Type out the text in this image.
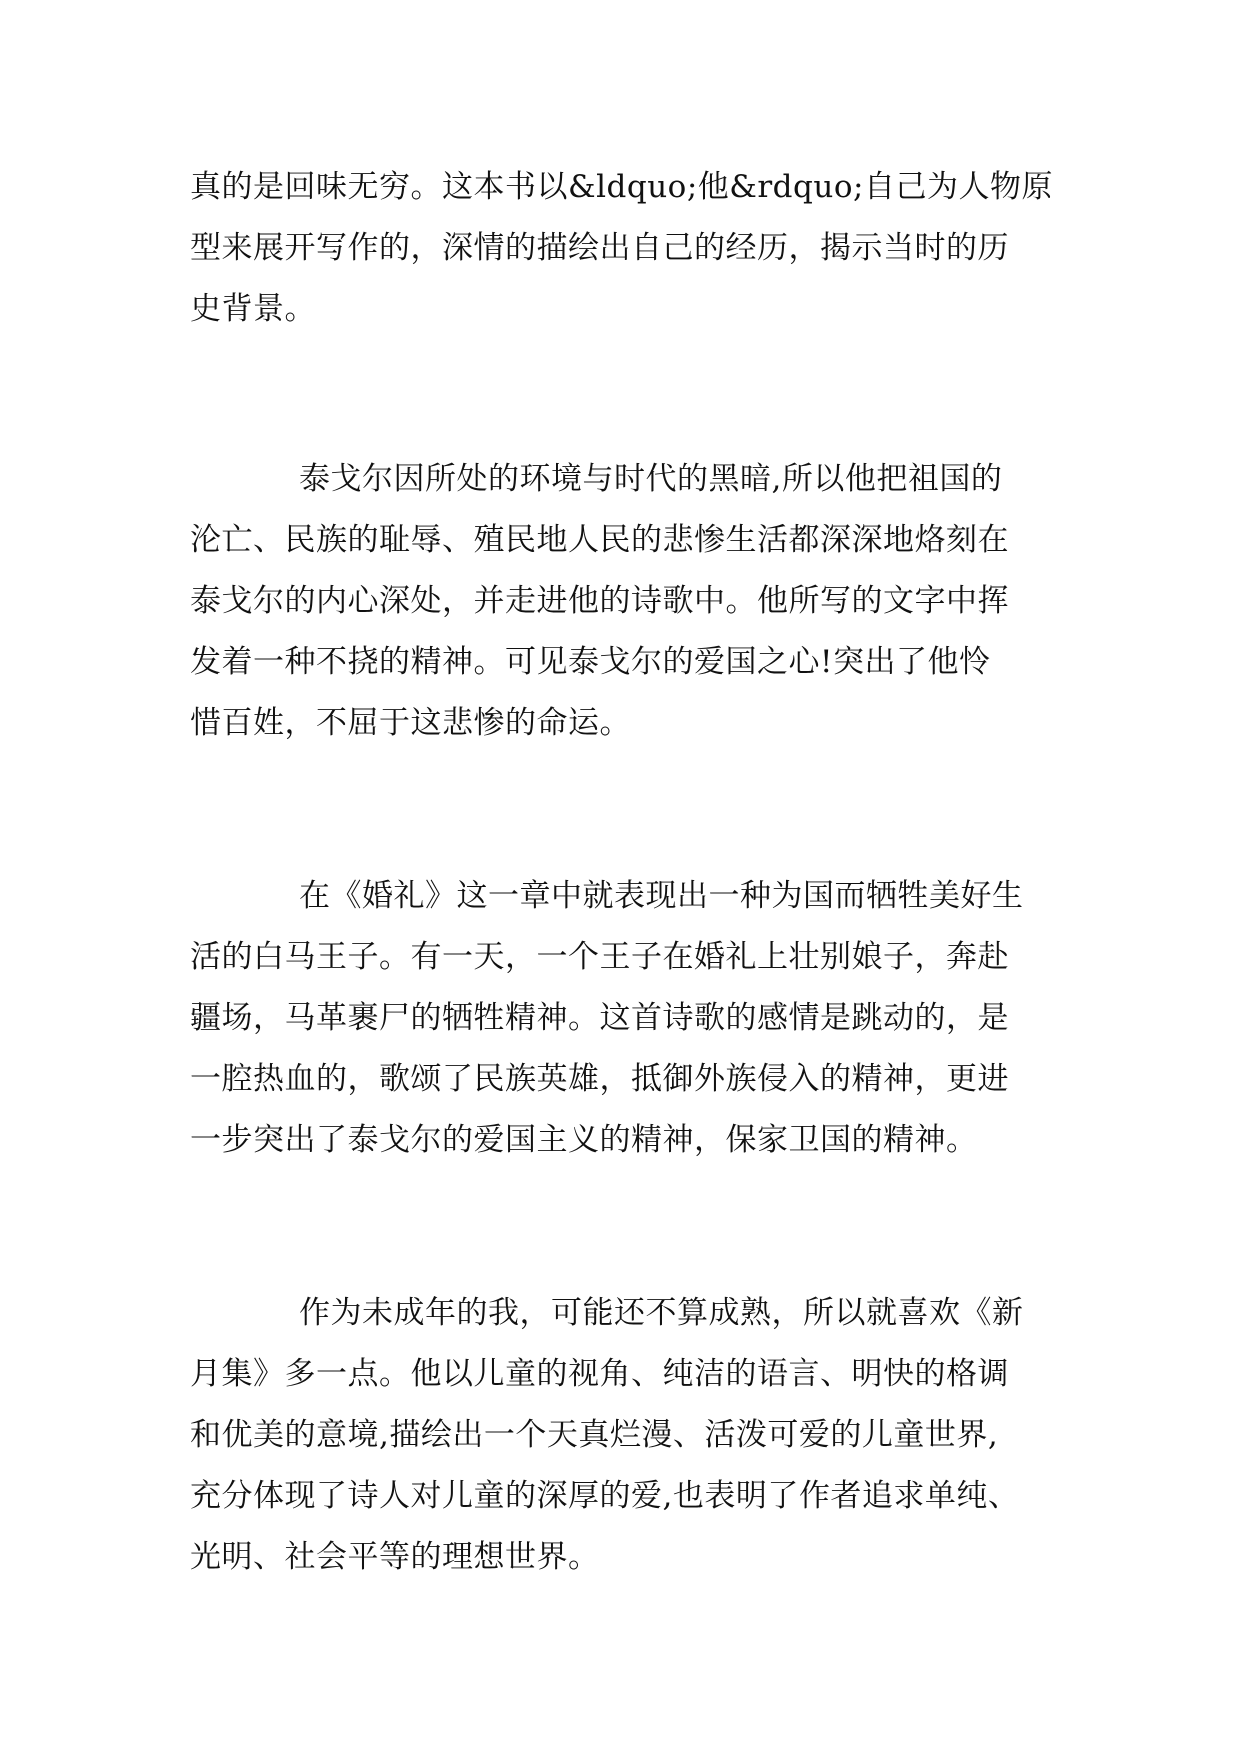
真的是回味无穷。这本书以&ldquo;他&rdquo;自己为人物原
型来展开写作的，深情的描绘出自己的经历，揭示当时的历
史背景。
泰戈尔因所处的环境与时代的黑暗,所以他把祖国的
沦亡、民族的耻辱、殖民地人民的悲惨生活都深深地烙刻在
泰戈尔的内心深处，并走进他的诗歌中。他所写的文字中挥
发着一种不挠的精神。可见泰戈尔的爱国之心!突出了他怜
惜百姓，不屈于这悲惨的命运。
在《婚礼》这一章中就表现出一种为国而牺牲美好生
活的白马王子。有一天，一个王子在婚礼上壮别娘子，奔赴
疆场，马革裹尸的牺牲精神。这首诗歌的感情是跳动的，是
一腔热血的，歌颂了民族英雄，抵御外族侵入的精神，更进
一步突出了泰戈尔的爱国主义的精神，保家卫国的精神。
作为未成年的我，可能还不算成熟，所以就喜欢《新
月集》多一点。他以儿童的视角、纯洁的语言、明快的格调
和优美的意境,描绘出一个天真烂漫、活泼可爱的儿童世界,
充分体现了诗人对儿童的深厚的爱,也表明了作者追求单纯、
光明、社会平等的理想世界。
